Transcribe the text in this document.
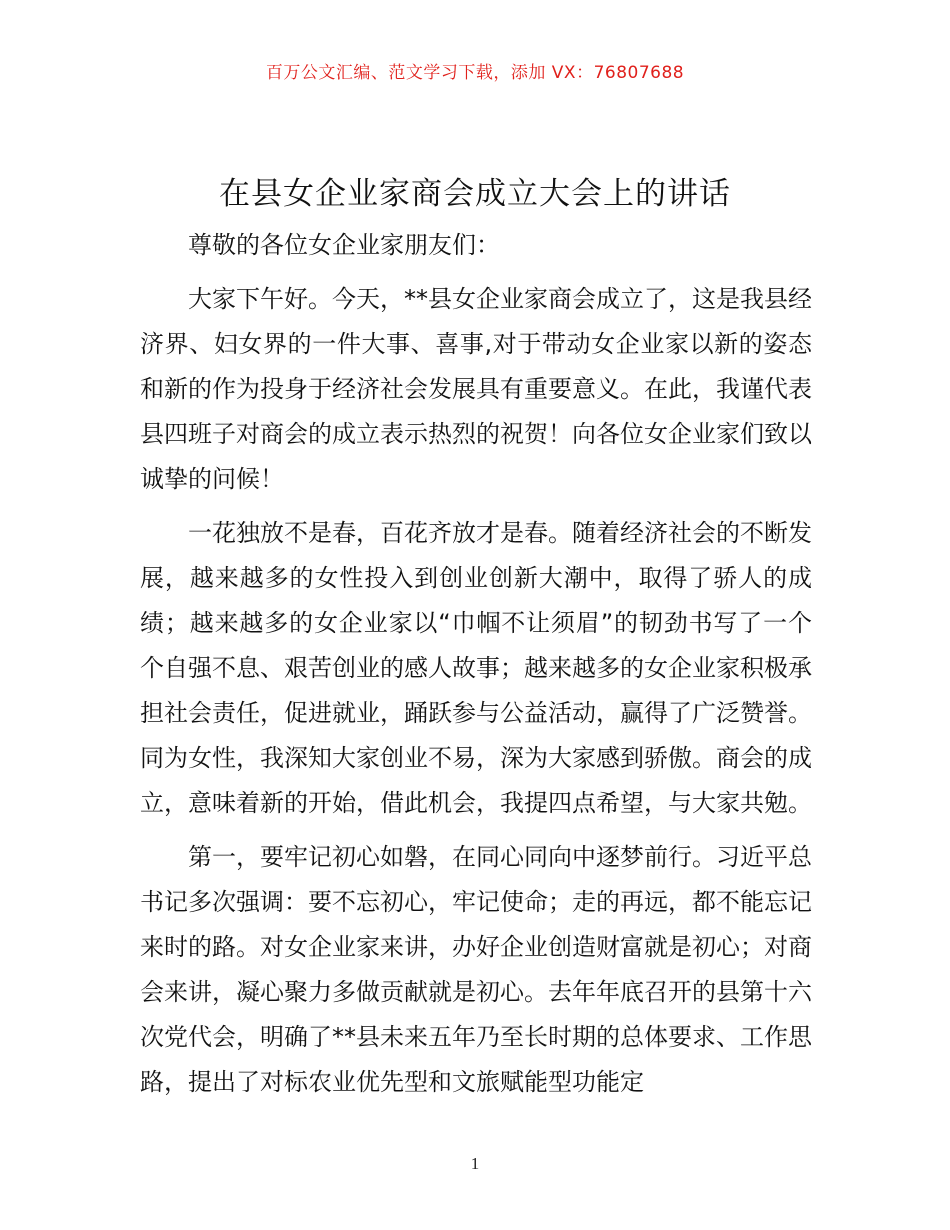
百万公文汇编、范文学习下载，添加 VX：76807688
在县女企业家商会成立大会上的讲话

尊敬的各位女企业家朋友们：

大家下午好。今天，**县女企业家商会成立了，这是我县经济界、妇女界的一件大事、喜事,对于带动女企业家以新的姿态和新的作为投身于经济社会发展具有重要意义。在此，我谨代表县四班子对商会的成立表示热烈的祝贺！向各位女企业家们致以诚挚的问候！

一花独放不是春，百花齐放才是春。随着经济社会的不断发展，越来越多的女性投入到创业创新大潮中，取得了骄人的成绩；越来越多的女企业家以“巾帼不让须眉”的韧劲书写了一个个自强不息、艰苦创业的感人故事；越来越多的女企业家积极承担社会责任，促进就业，踊跃参与公益活动，赢得了广泛赞誉。同为女性，我深知大家创业不易，深为大家感到骄傲。商会的成立，意味着新的开始，借此机会，我提四点希望，与大家共勉。

第一，要牢记初心如磐，在同心同向中逐梦前行。习近平总书记多次强调：要不忘初心，牢记使命；走的再远，都不能忘记来时的路。对女企业家来讲，办好企业创造财富就是初心；对商会来讲，凝心聚力多做贡献就是初心。去年年底召开的县第十六次党代会，明确了**县未来五年乃至长时期的总体要求、工作思路，提出了对标农业优先型和文旅赋能型功能定

1
